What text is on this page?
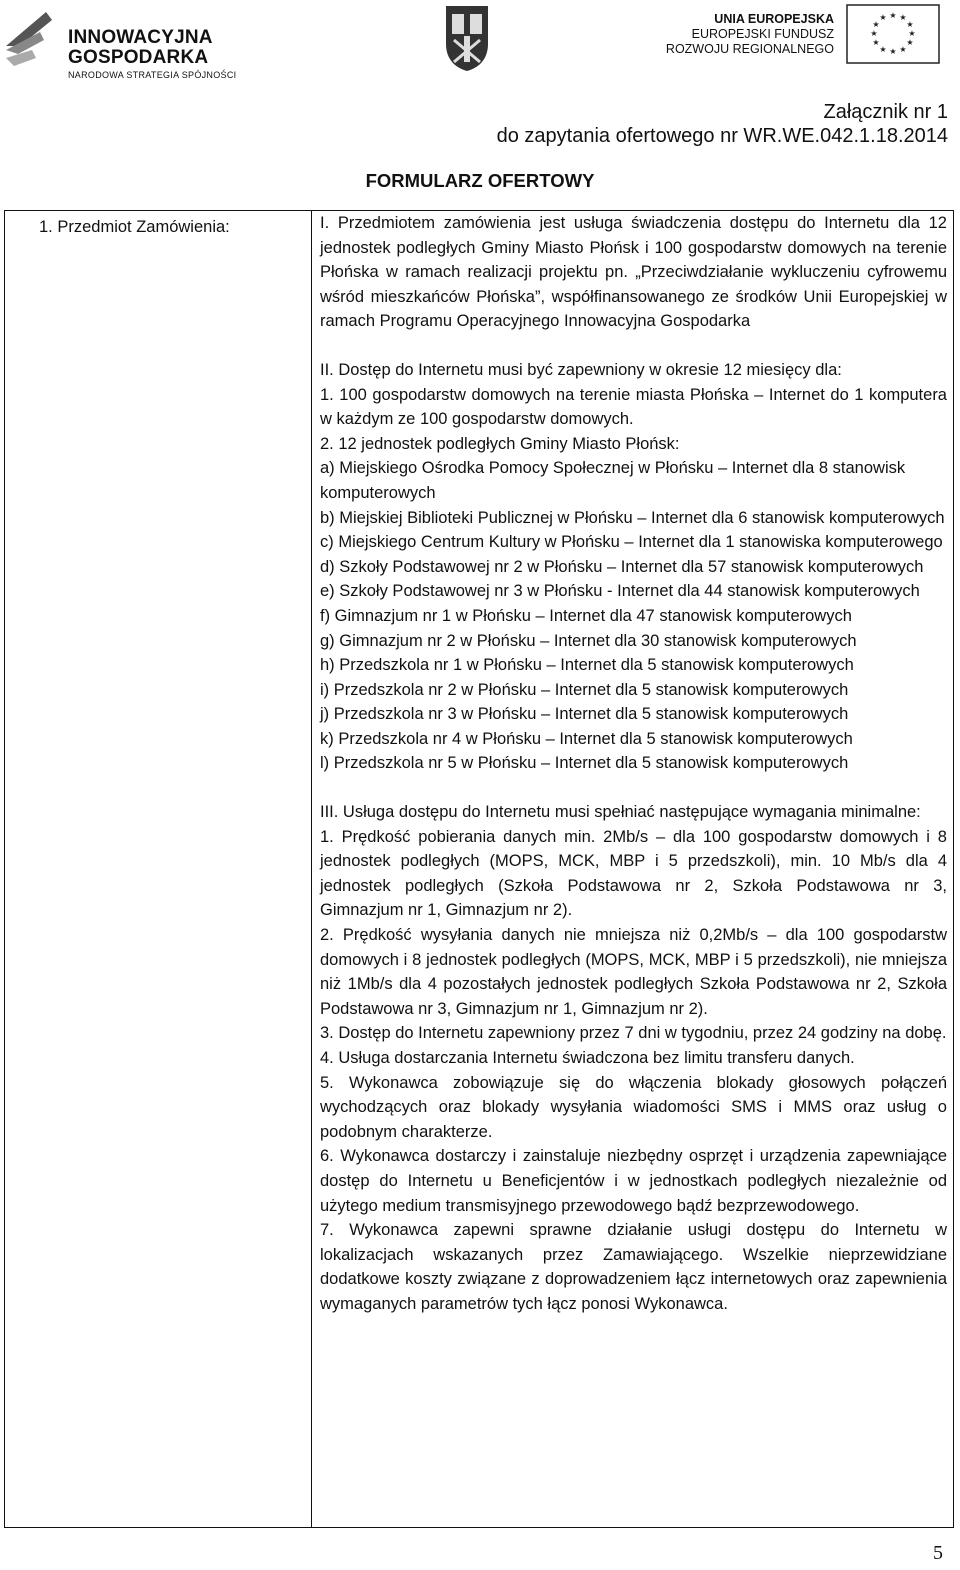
INNOWACYJNA
GOSPODARKA
NARODOWA STRATEGIA SPÓJNOŚCI
UNIA EUROPEJSKA
EUROPEJSKI FUNDUSZ
ROZWOJU REGIONALNEGO
★ ★
★
★
★
★
★
★
★
★
★
★
Załącznik nr 1
do zapytania ofertowego nr WR.WE.042.1.18.2014
FORMULARZ OFERTOWY
1. Przedmiot Zamówienia:	I. Przedmiotem zamówienia jest usługa świadczenia dostępu do Internetu dla 12 jednostek podległych Gminy Miasto Płońsk i 100 gospodarstw domowych na terenie Płońska w ramach realizacji projektu pn. „Przeciwdziałanie wykluczeniu cyfrowemu wśród mieszkańców Płońska”, współfinansowanego ze środków Unii Europejskiej w ramach Programu Operacyjnego Innowacyjna Gospodarka

II. Dostęp do Internetu musi być zapewniony w okresie 12 miesięcy dla:

1. 100 gospodarstw domowych na terenie miasta Płońska – Internet do 1 komputera w każdym ze 100 gospodarstw domowych.

2. 12 jednostek podległych Gminy Miasto Płońsk:

a) Miejskiego Ośrodka Pomocy Społecznej w Płońsku – Internet dla 8 stanowisk komputerowych

b) Miejskiej Biblioteki Publicznej w Płońsku – Internet dla 6 stanowisk komputerowych

c) Miejskiego Centrum Kultury w Płońsku – Internet dla 1 stanowiska komputerowego

d) Szkoły Podstawowej nr 2 w Płońsku – Internet dla 57 stanowisk komputerowych

e) Szkoły Podstawowej nr 3 w Płońsku - Internet dla 44 stanowisk komputerowych

f) Gimnazjum nr 1 w Płońsku – Internet dla 47 stanowisk komputerowych

g) Gimnazjum nr 2 w Płońsku – Internet dla 30 stanowisk komputerowych

h) Przedszkola nr 1 w Płońsku – Internet dla 5 stanowisk komputerowych

i) Przedszkola nr 2 w Płońsku – Internet dla 5 stanowisk komputerowych

j) Przedszkola nr 3 w Płońsku – Internet dla 5 stanowisk komputerowych

k) Przedszkola nr 4 w Płońsku – Internet dla 5 stanowisk komputerowych

l) Przedszkola nr 5 w Płońsku – Internet dla 5 stanowisk komputerowych

III. Usługa dostępu do Internetu musi spełniać następujące wymagania minimalne:

1. Prędkość pobierania danych min. 2Mb/s – dla 100 gospodarstw domowych i 8 jednostek podległych (MOPS, MCK, MBP i 5 przedszkoli), min. 10 Mb/s dla 4 jednostek podległych (Szkoła Podstawowa nr 2, Szkoła Podstawowa nr 3, Gimnazjum nr 1, Gimnazjum nr 2).

2. Prędkość wysyłania danych nie mniejsza niż 0,2Mb/s – dla 100 gospodarstw domowych i 8 jednostek podległych (MOPS, MCK, MBP i 5 przedszkoli), nie mniejsza niż 1Mb/s dla 4 pozostałych jednostek podległych Szkoła Podstawowa nr 2, Szkoła Podstawowa nr 3, Gimnazjum nr 1, Gimnazjum nr 2).

3. Dostęp do Internetu zapewniony przez 7 dni w tygodniu, przez 24 godziny na dobę.

4. Usługa dostarczania Internetu świadczona bez limitu transferu danych.

5. Wykonawca zobowiązuje się do włączenia blokady głosowych połączeń wychodzących oraz blokady wysyłania wiadomości SMS i MMS oraz usług o podobnym charakterze.

6. Wykonawca dostarczy i zainstaluje niezbędny osprzęt i urządzenia zapewniające dostęp do Internetu u Beneficjentów i w jednostkach podległych niezależnie od użytego medium transmisyjnego przewodowego bądź bezprzewodowego.

7. Wykonawca zapewni sprawne działanie usługi dostępu do Internetu w lokalizacjach wskazanych przez Zamawiającego. Wszelkie nieprzewidziane dodatkowe koszty związane z doprowadzeniem łącz internetowych oraz zapewnienia wymaganych parametrów tych łącz ponosi Wykonawca.

5
